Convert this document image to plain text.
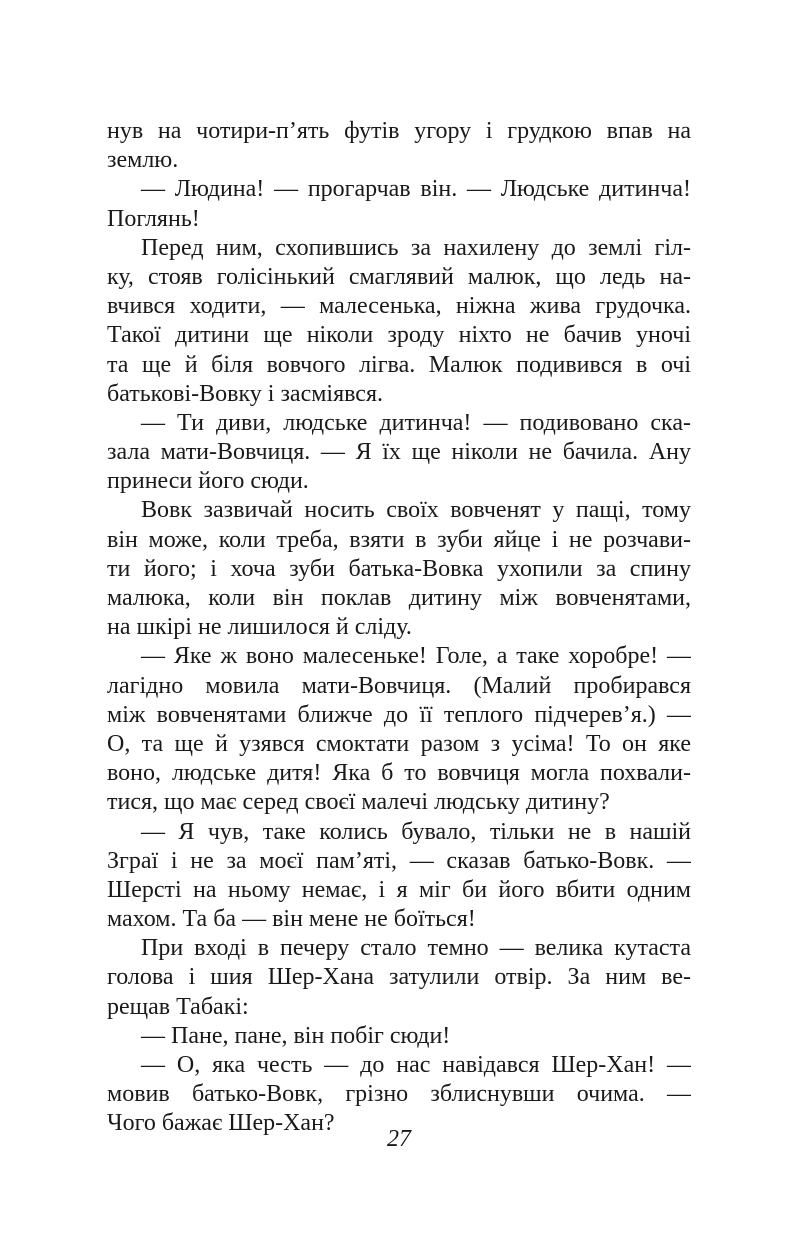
нув на чотири-п’ять футів угору і грудкою впав на
землю.
— Людина! — прогарчав він. — Людське дитинча!
Поглянь!
Перед ним, схопившись за нахилену до землі гіл-
ку, стояв голісінький смаглявий малюк, що ледь на-
вчився ходити, — малесенька, ніжна жива грудочка.
Такої дитини ще ніколи зроду ніхто не бачив уночі
та ще й біля вовчого лігва. Малюк подивився в очі
батькові-Вовку і засміявся.
— Ти диви, людське дитинча! — подивовано ска-
зала мати-Вовчиця. — Я їх ще ніколи не бачила. Ану
принеси його сюди.
Вовк зазвичай носить своїх вовченят у пащі, тому
він може, коли треба, взяти в зуби яйце і не розчави-
ти його; і хоча зуби батька-Вовка ухопили за спину
малюка, коли він поклав дитину між вовченятами,
на шкірі не лишилося й сліду.
— Яке ж воно малесеньке! Голе, а таке хоробре! —
лагідно мовила мати-Вовчиця. (Малий пробирався
між вовченятами ближче до її теплого підчерев’я.) —
О, та ще й узявся смоктати разом з усіма! То он яке
воно, людське дитя! Яка б то вовчиця могла похвали-
тися, що має серед своєї малечі людську дитину?
— Я чув, таке колись бувало, тільки не в нашій
Зграї і не за моєї пам’яті, — сказав батько-Вовк. —
Шерсті на ньому немає, і я міг би його вбити одним
махом. Та ба — він мене не боїться!
При вході в печеру стало темно — велика кутаста
голова і шия Шер-Хана затулили отвір. За ним ве-
рещав Табакі:
— Пане, пане, він побіг сюди!
— О, яка честь — до нас навідався Шер-Хан! —
мовив батько-Вовк, грізно зблиснувши очима. —
Чого бажає Шер-Хан?
27
